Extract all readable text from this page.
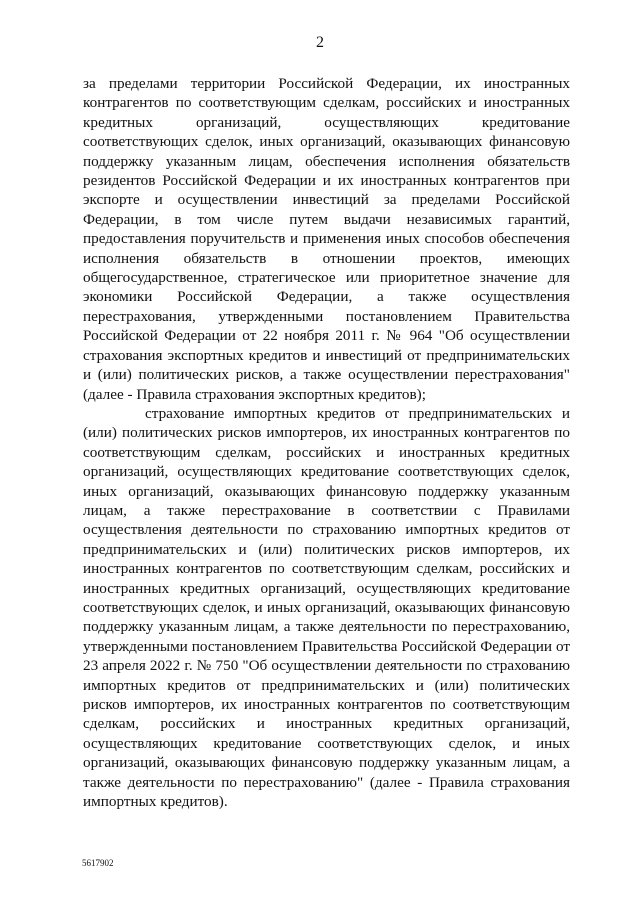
2

за пределами территории Российской Федерации, их иностранных контрагентов по соответствующим сделкам, российских и иностранных кредитных организаций, осуществляющих кредитование соответствующих сделок, иных организаций, оказывающих финансовую поддержку указанным лицам, обеспечения исполнения обязательств резидентов Российской Федерации и их иностранных контрагентов при экспорте и осуществлении инвестиций за пределами Российской Федерации, в том числе путем выдачи независимых гарантий, предоставления поручительств и применения иных способов обеспечения исполнения обязательств в отношении проектов, имеющих общегосударственное, стратегическое или приоритетное значение для экономики Российской Федерации, а также осуществления перестрахования, утвержденными постановлением Правительства Российской Федерации от 22 ноября 2011 г. № 964 "Об осуществлении страхования экспортных кредитов и инвестиций от предпринимательских и (или) политических рисков, а также осуществлении перестрахования" (далее - Правила страхования экспортных кредитов);

страхование импортных кредитов от предпринимательских и (или) политических рисков импортеров, их иностранных контрагентов по соответствующим сделкам, российских и иностранных кредитных организаций, осуществляющих кредитование соответствующих сделок, иных организаций, оказывающих финансовую поддержку указанным лицам, а также перестрахование в соответствии с Правилами осуществления деятельности по страхованию импортных кредитов от предпринимательских и (или) политических рисков импортеров, их иностранных контрагентов по соответствующим сделкам, российских и иностранных кредитных организаций, осуществляющих кредитование соответствующих сделок, и иных организаций, оказывающих финансовую поддержку указанным лицам, а также деятельности по перестрахованию, утвержденными постановлением Правительства Российской Федерации от 23 апреля 2022 г. № 750 "Об осуществлении деятельности по страхованию импортных кредитов от предпринимательских и (или) политических рисков импортеров, их иностранных контрагентов по соответствующим сделкам, российских и иностранных кредитных организаций, осуществляющих кредитование соответствующих сделок, и иных организаций, оказывающих финансовую поддержку указанным лицам, а также деятельности по перестрахованию" (далее - Правила страхования импортных кредитов).

5617902
